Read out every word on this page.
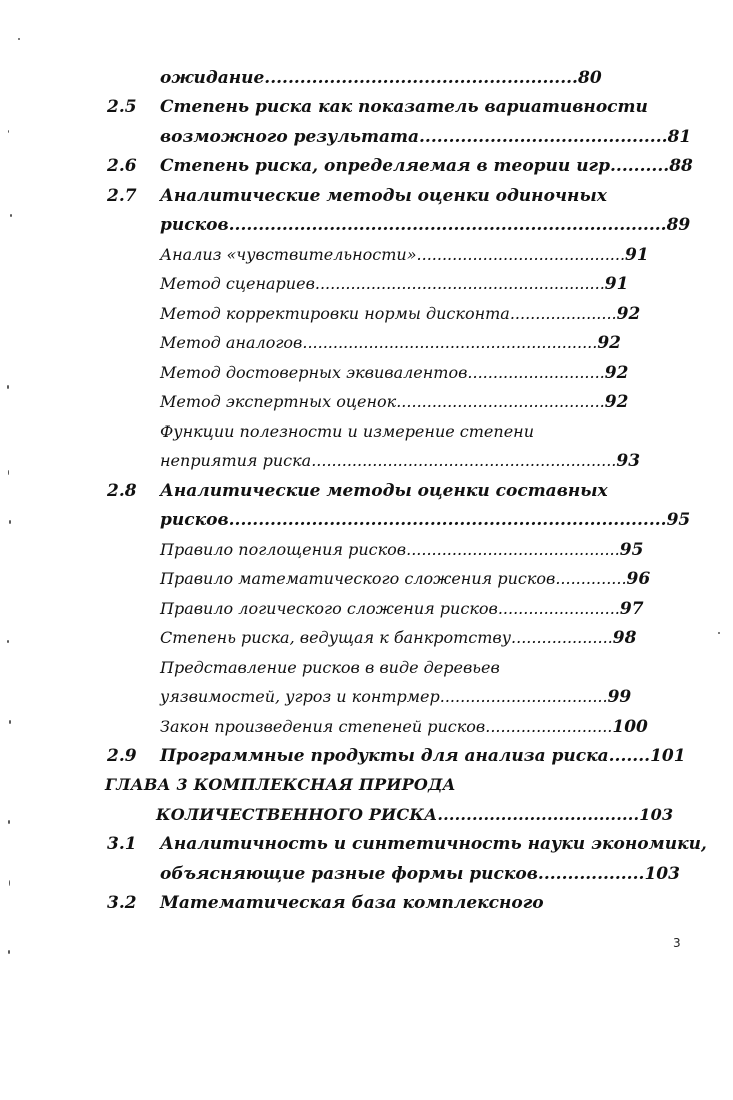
ожидание.....................................................80
2.5 Степень риска как показатель вариативности
возможного результата..........................................81
2.6 Степень риска, определяемая в теории игр..........88
2.7 Аналитические методы оценки одиночных
рисков..........................................................................89
Анализ «чувствительности».........................................91
Метод сценариев.........................................................91
Метод корректировки нормы дисконта.....................92
Метод аналогов..........................................................92
Метод достоверных эквивалентов...........................92
Метод экспертных оценок.........................................92
Функции полезности и измерение степени
неприятия риска............................................................93
2.8 Аналитические методы оценки составных
рисков..........................................................................95
Правило поглощения рисков..........................................95
Правило математического сложения рисков..............96
Правило логического сложения рисков........................97
Степень риска, ведущая к банкротству....................98
Представление рисков в виде деревьев
уязвимостей, угроз и контрмер.................................99
Закон произведения степеней рисков.........................100
2.9 Программные продукты для анализа риска.......101
ГЛАВА 3 КОМПЛЕКСНАЯ ПРИРОДА
КОЛИЧЕСТВЕННОГО РИСКА...................................103
3.1 Аналитичность и синтетичность науки экономики,
объясняющие разные формы рисков..................103
3.2 Математическая база комплексного
3
